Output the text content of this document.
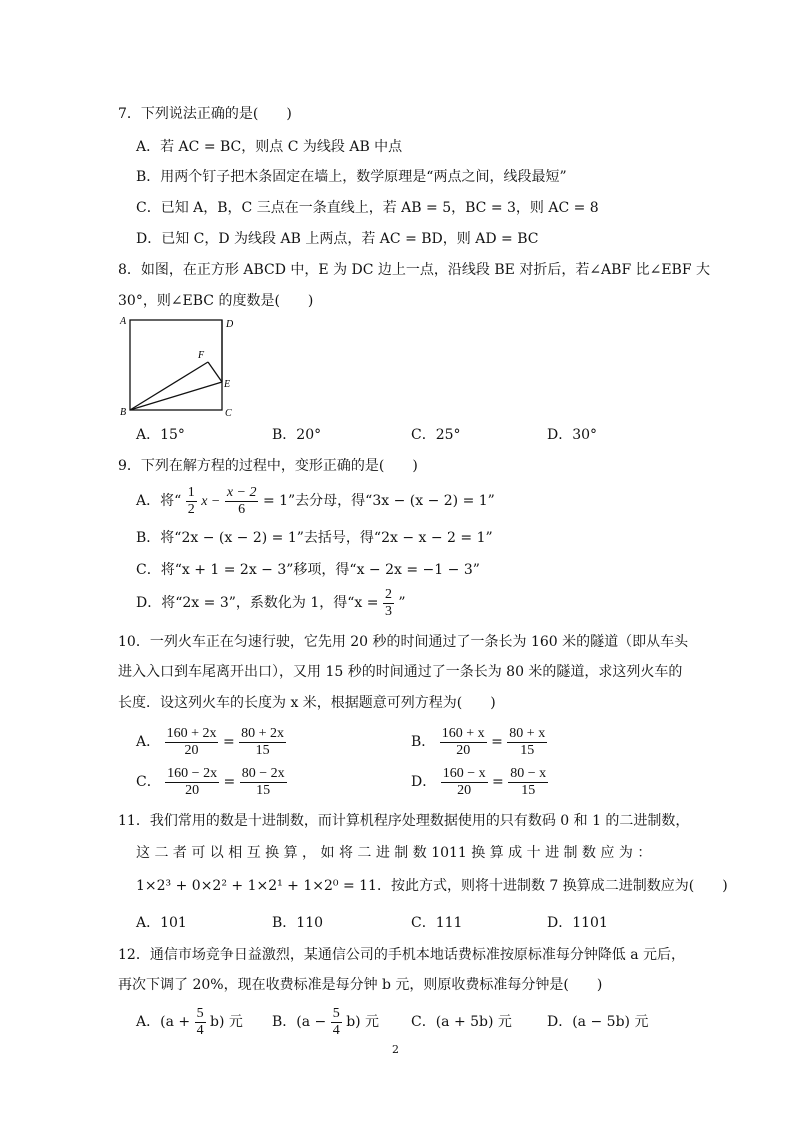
7．下列说法正确的是(　　)
A．若 AC = BC，则点 C 为线段 AB 中点
B．用两个钉子把木条固定在墙上，数学原理是“两点之间，线段最短”
C．已知 A，B，C 三点在一条直线上，若 AB = 5，BC = 3，则 AC = 8
D．已知 C，D 为线段 AB 上两点，若 AC = BD，则 AD = BC
8．如图，在正方形 ABCD 中，E 为 DC 边上一点，沿线段 BE 对折后，若∠ABF 比∠EBF 大
30°，则∠EBC 的度数是(　　)
A	D
F
E
B	C
A．15°	B．20°	C．25°	D．30°
9．下列在解方程的过程中，变形正确的是(　　)
A．将“ $\frac{1}{2}$ $x - \frac{x - 2}{6} = 1$”去分母，得“3x − (x − 2) = 1”
B．将“2x − (x − 2) = 1”去括号，得“2x − x − 2 = 1”
C．将“x + 1 = 2x − 3”移项，得“x − 2x = −1 − 3”
D．将“2x = 3”，系数化为 1，得“$x = \frac{2}{3}$ ”
10．一列火车正在匀速行驶，它先用 20 秒的时间通过了一条长为 160 米的隧道（即从车头
进入入口到车尾离开出口），又用 15 秒的时间通过了一条长为 80 米的隧道，求这列火车的
长度．设这列火车的长度为 x 米，根据题意可列方程为(　　)
A． $\frac{160 + 2x}{20} = \frac{80 + 2x}{15}$	B． $\frac{160 + x}{20} = \frac{80 + x}{15}$
C． $\frac{160 - 2x}{20} = \frac{80 - 2x}{15}$	D． $\frac{160 - x}{20} = \frac{80 - x}{15}$
11．我们常用的数是十进制数，而计算机程序处理数据使用的只有数码 0 和 1 的二进制数，
这 二 者 可 以 相 互 换 算 ， 如 将 二 进 制 数 1011 换 算 成 十 进 制 数 应 为 ：
1×2³ + 0×2² + 1×2¹ + 1×2⁰ = 11．按此方式，则将十进制数 7 换算成二进制数应为(　　)
A．101	B．110	C．111	D．1101
12．通信市场竞争日益激烈，某通信公司的手机本地话费标准按原标准每分钟降低 a 元后，
再次下调了 20%，现在收费标准是每分钟 b 元，则原收费标准每分钟是(　　)
A．$(a + \frac{5}{4} b)$ 元 B．$(a - \frac{5}{4} b)$ 元 C．(a + 5b) 元	D．(a − 5b) 元
2
